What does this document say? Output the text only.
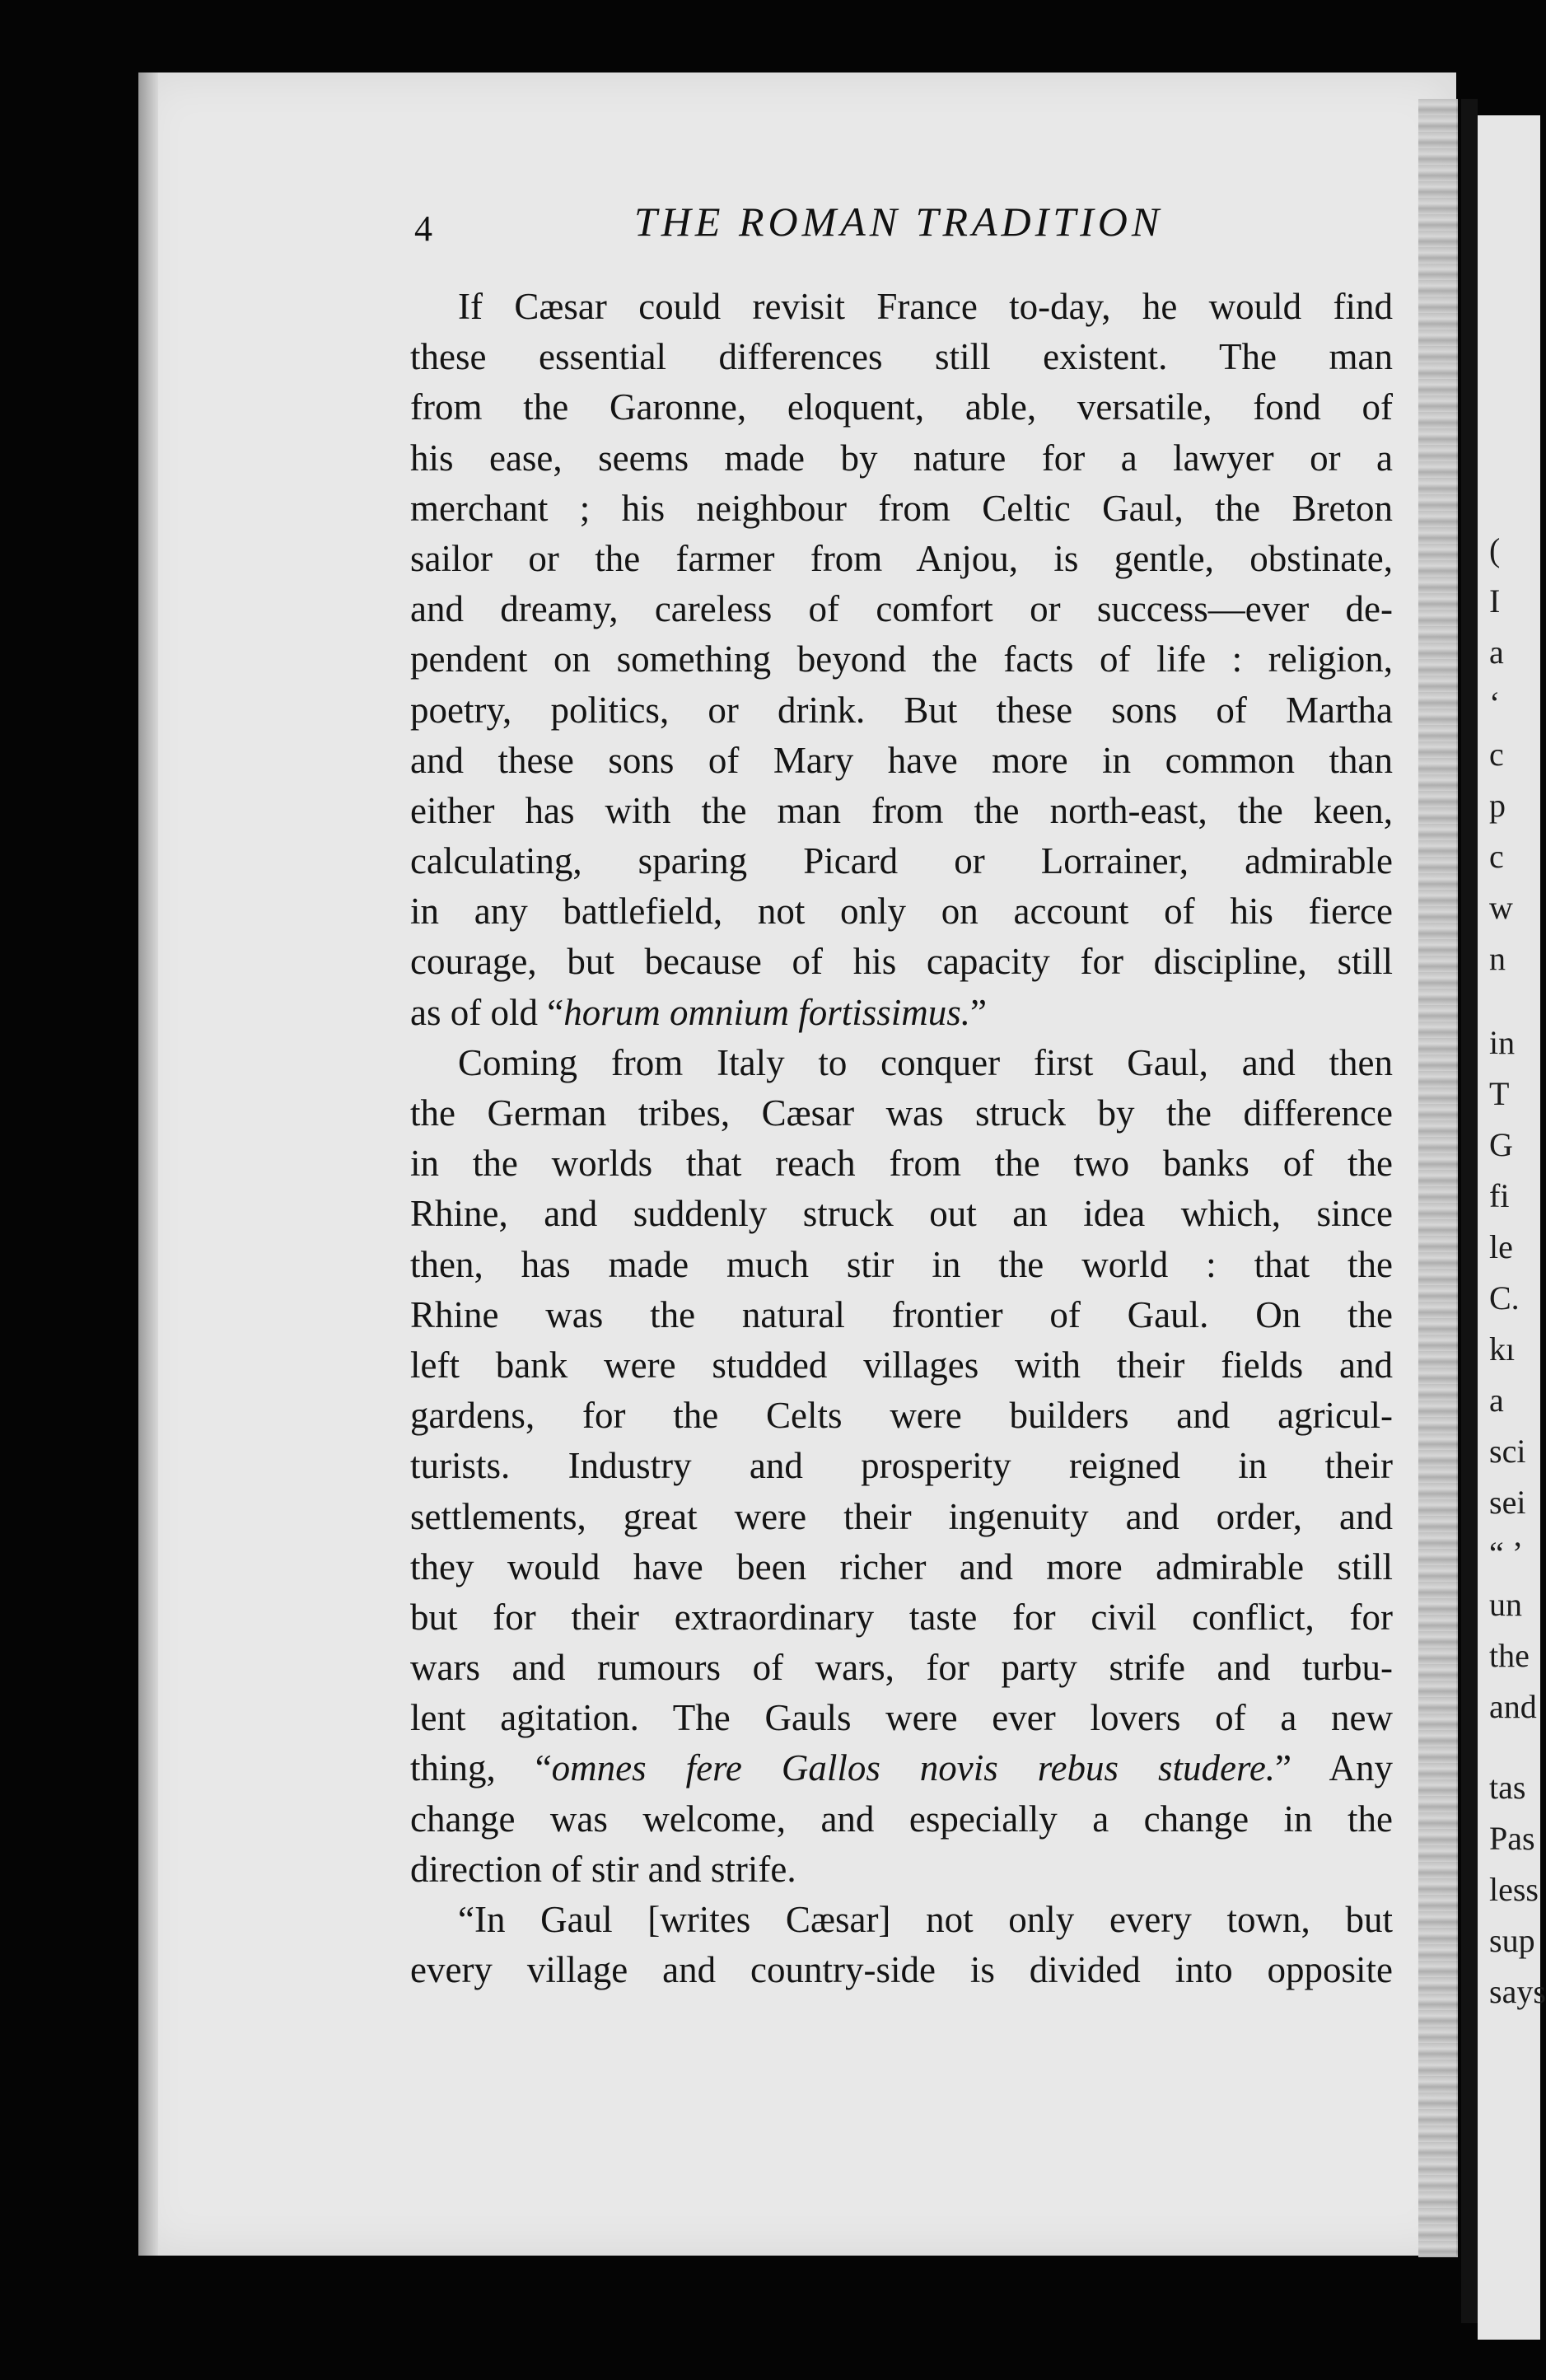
(
I
a
‘
c
p
c
w
n
in
T
G
fi
le
C.
kı
a
sci
sei
“ ’
un
the
and
tas
Pas
less
sup
says
4	THE ROMAN TRADITION
If Cæsar could revisit France to-day, he would find
these essential differences still existent. The man
from the Garonne, eloquent, able, versatile, fond of
his ease, seems made by nature for a lawyer or a
merchant ; his neighbour from Celtic Gaul, the Breton
sailor or the farmer from Anjou, is gentle, obstinate,
and dreamy, careless of comfort or success—ever de-
pendent on something beyond the facts of life : religion,
poetry, politics, or drink. But these sons of Martha
and these sons of Mary have more in common than
either has with the man from the north-east, the keen,
calculating, sparing Picard or Lorrainer, admirable
in any battlefield, not only on account of his fierce
courage, but because of his capacity for discipline, still
as of old “horum omnium fortissimus.”
Coming from Italy to conquer first Gaul, and then
the German tribes, Cæsar was struck by the difference
in the worlds that reach from the two banks of the
Rhine, and suddenly struck out an idea which, since
then, has made much stir in the world : that the
Rhine was the natural frontier of Gaul. On the
left bank were studded villages with their fields and
gardens, for the Celts were builders and agricul-
turists. Industry and prosperity reigned in their
settlements, great were their ingenuity and order, and
they would have been richer and more admirable still
but for their extraordinary taste for civil conflict, for
wars and rumours of wars, for party strife and turbu-
lent agitation. The Gauls were ever lovers of a new
thing, “omnes fere Gallos novis rebus studere.” Any
change was welcome, and especially a change in the
direction of stir and strife.
“In Gaul [writes Cæsar] not only every town, but
every village and country-side is divided into opposite
